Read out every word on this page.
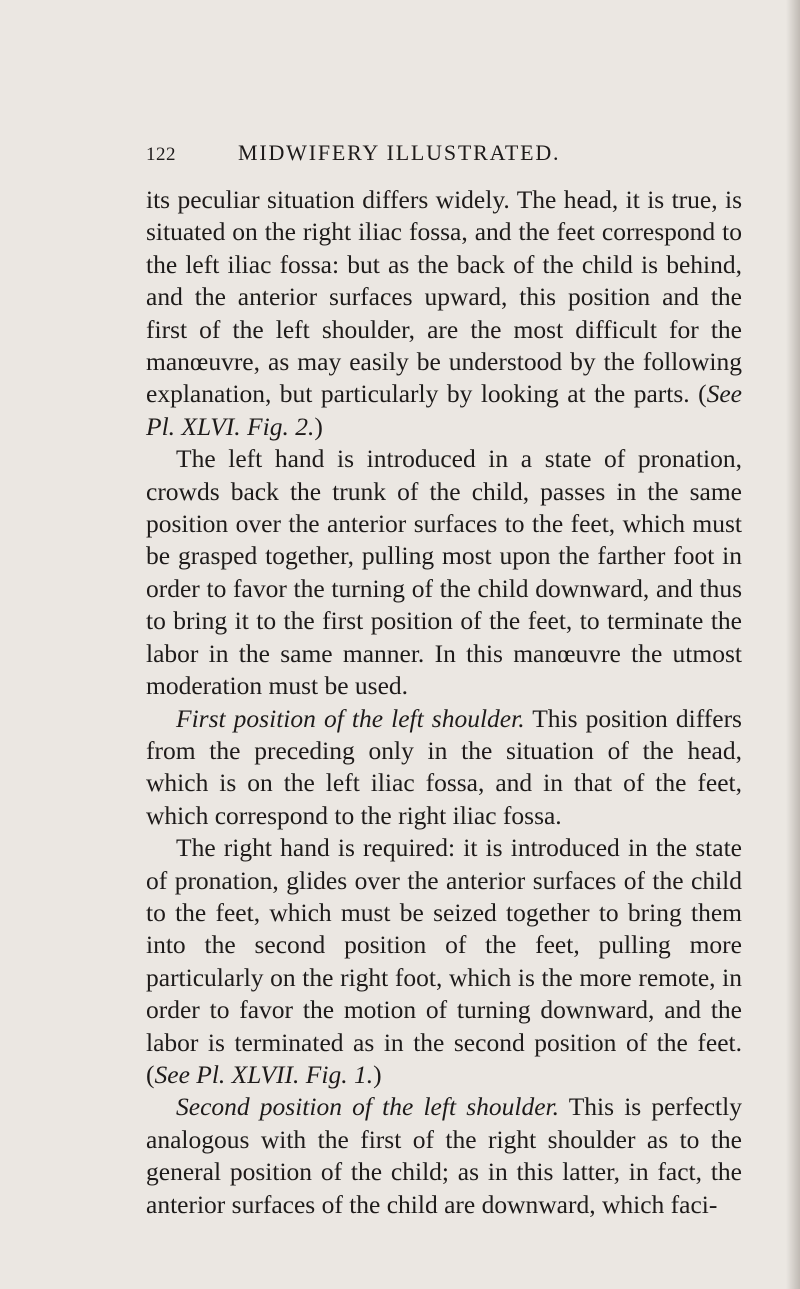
122	MIDWIFERY ILLUSTRATED.

its peculiar situation differs widely. The head, it is true, is situated on the right iliac fossa, and the feet correspond to the left iliac fossa: but as the back of the child is behind, and the anterior surfaces upward, this position and the first of the left shoulder, are the most difficult for the manœuvre, as may easily be understood by the following explanation, but particularly by looking at the parts. (See Pl. XLVI. Fig. 2.)

The left hand is introduced in a state of pronation, crowds back the trunk of the child, passes in the same position over the anterior surfaces to the feet, which must be grasped together, pulling most upon the farther foot in order to favor the turning of the child downward, and thus to bring it to the first position of the feet, to terminate the labor in the same manner. In this manœuvre the utmost moderation must be used.

First position of the left shoulder. This position differs from the preceding only in the situation of the head, which is on the left iliac fossa, and in that of the feet, which correspond to the right iliac fossa.

The right hand is required: it is introduced in the state of pronation, glides over the anterior surfaces of the child to the feet, which must be seized together to bring them into the second position of the feet, pulling more particularly on the right foot, which is the more remote, in order to favor the motion of turning downward, and the labor is terminated as in the second position of the feet. (See Pl. XLVII. Fig. 1.)

Second position of the left shoulder. This is perfectly analogous with the first of the right shoulder as to the general position of the child; as in this latter, in fact, the anterior surfaces of the child are downward, which faci-
